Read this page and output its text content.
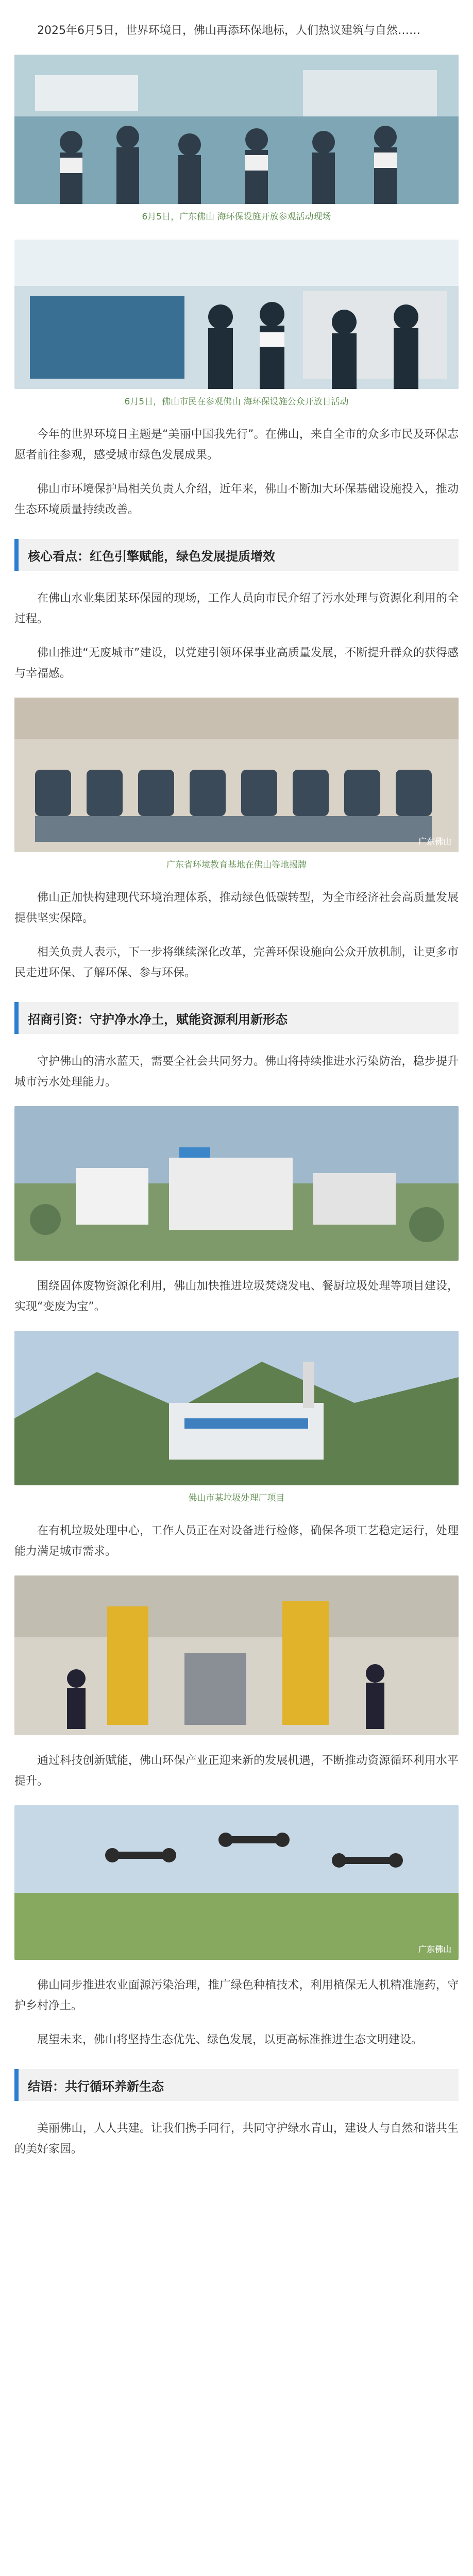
2025年6月5日，世界环境日，佛山再添环保地标，人们热议建筑与自然……

6月5日，广东佛山 海环保设施开放参观活动现场
6月5日，佛山市民在参观佛山 海环保设施公众开放日活动

今年的世界环境日主题是“美丽中国我先行”。在佛山，来自全市的众多市民及环保志愿者前往参观，感受城市绿色发展成果。

佛山市环境保护局相关负责人介绍，近年来，佛山不断加大环保基础设施投入，推动生态环境质量持续改善。

核心看点：红色引擎赋能，绿色发展提质增效

在佛山水业集团某环保园的现场，工作人员向市民介绍了污水处理与资源化利用的全过程。

佛山推进“无废城市”建设，以党建引领环保事业高质量发展，不断提升群众的获得感与幸福感。

广东佛山
广东省环境教育基地在佛山等地揭牌

佛山正加快构建现代环境治理体系，推动绿色低碳转型，为全市经济社会高质量发展提供坚实保障。

相关负责人表示，下一步将继续深化改革，完善环保设施向公众开放机制，让更多市民走进环保、了解环保、参与环保。

招商引资：守护净水净土，赋能资源利用新形态

守护佛山的清水蓝天，需要全社会共同努力。佛山将持续推进水污染防治，稳步提升城市污水处理能力。

围绕固体废物资源化利用，佛山加快推进垃圾焚烧发电、餐厨垃圾处理等项目建设，实现“变废为宝”。

佛山市某垃圾处理厂项目

在有机垃圾处理中心，工作人员正在对设备进行检修，确保各项工艺稳定运行，处理能力满足城市需求。

通过科技创新赋能，佛山环保产业正迎来新的发展机遇，不断推动资源循环利用水平提升。

广东佛山

佛山同步推进农业面源污染治理，推广绿色种植技术，利用植保无人机精准施药，守护乡村净土。

展望未来，佛山将坚持生态优先、绿色发展，以更高标准推进生态文明建设。

结语：共行循环养新生态

美丽佛山，人人共建。让我们携手同行，共同守护绿水青山，建设人与自然和谐共生的美好家园。
